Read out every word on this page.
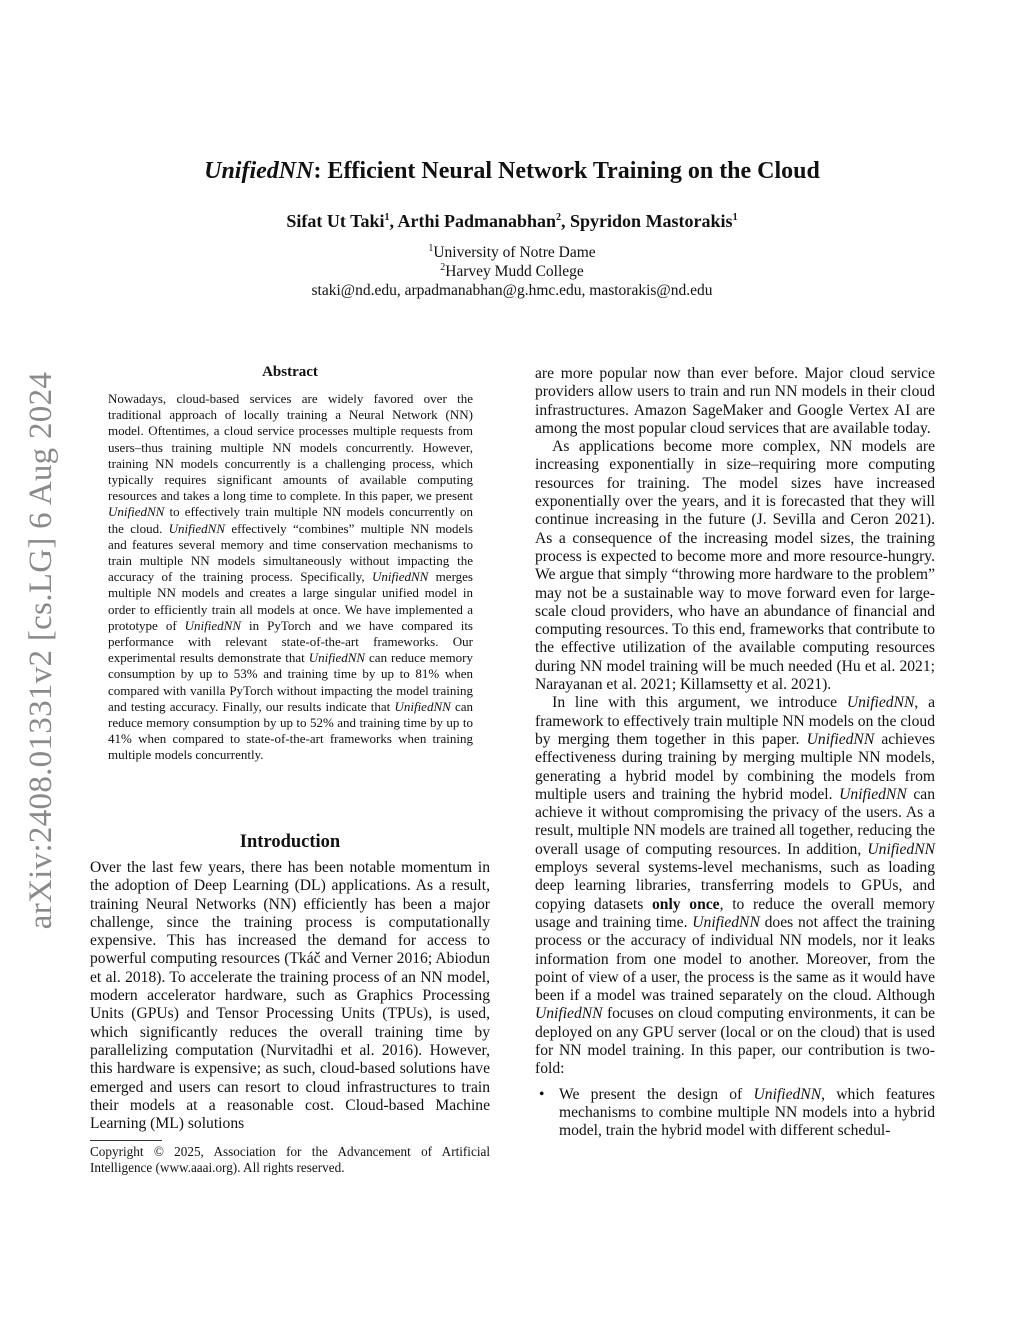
arXiv:2408.01331v2 [cs.LG] 6 Aug 2024
UnifiedNN: Efficient Neural Network Training on the Cloud
Sifat Ut Taki$^1$, Arthi Padmanabhan$^2$, Spyridon Mastorakis$^1$
$^1$University of Notre Dame
$^2$Harvey Mudd College
staki@nd.edu, arpadmanabhan@g.hmc.edu, mastorakis@nd.edu
Abstract
Nowadays, cloud-based services are widely favored over the traditional approach of locally training a Neural Network (NN) model. Oftentimes, a cloud service processes multiple requests from users–thus training multiple NN models concurrently. However, training NN models concurrently is a challenging process, which typically requires significant amounts of available computing resources and takes a long time to complete. In this paper, we present UnifiedNN to effectively train multiple NN models concurrently on the cloud. UnifiedNN effectively “combines” multiple NN models and features several memory and time conservation mechanisms to train multiple NN models simultaneously without impacting the accuracy of the training process. Specifically, UnifiedNN merges multiple NN models and creates a large singular unified model in order to efficiently train all models at once. We have implemented a prototype of UnifiedNN in PyTorch and we have compared its performance with relevant state-of-the-art frameworks. Our experimental results demonstrate that UnifiedNN can reduce memory consumption by up to 53% and training time by up to 81% when compared with vanilla PyTorch without impacting the model training and testing accuracy. Finally, our results indicate that UnifiedNN can reduce memory consumption by up to 52% and training time by up to 41% when compared to state-of-the-art frameworks when training multiple models concurrently.
Introduction

Over the last few years, there has been notable momentum in the adoption of Deep Learning (DL) applications. As a result, training Neural Networks (NN) efficiently has been a major challenge, since the training process is computationally expensive. This has increased the demand for access to powerful computing resources (Tkáč and Verner 2016; Abiodun et al. 2018). To accelerate the training process of an NN model, modern accelerator hardware, such as Graphics Processing Units (GPUs) and Tensor Processing Units (TPUs), is used, which significantly reduces the overall training time by parallelizing computation (Nurvitadhi et al. 2016). However, this hardware is expensive; as such, cloud-based solutions have emerged and users can resort to cloud infrastructures to train their models at a reasonable cost. Cloud-based Machine Learning (ML) solutions

Copyright © 2025, Association for the Advancement of Artificial Intelligence (www.aaai.org). All rights reserved.

are more popular now than ever before. Major cloud service providers allow users to train and run NN models in their cloud infrastructures. Amazon SageMaker and Google Vertex AI are among the most popular cloud services that are available today.

As applications become more complex, NN models are increasing exponentially in size–requiring more computing resources for training. The model sizes have increased exponentially over the years, and it is forecasted that they will continue increasing in the future (J. Sevilla and Ceron 2021). As a consequence of the increasing model sizes, the training process is expected to become more and more resource-hungry. We argue that simply “throwing more hardware to the problem” may not be a sustainable way to move forward even for large-scale cloud providers, who have an abundance of financial and computing resources. To this end, frameworks that contribute to the effective utilization of the available computing resources during NN model training will be much needed (Hu et al. 2021; Narayanan et al. 2021; Killamsetty et al. 2021).

In line with this argument, we introduce UnifiedNN, a framework to effectively train multiple NN models on the cloud by merging them together in this paper. UnifiedNN achieves effectiveness during training by merging multiple NN models, generating a hybrid model by combining the models from multiple users and training the hybrid model. UnifiedNN can achieve it without compromising the privacy of the users. As a result, multiple NN models are trained all together, reducing the overall usage of computing resources. In addition, UnifiedNN employs several systems-level mechanisms, such as loading deep learning libraries, transferring models to GPUs, and copying datasets only once, to reduce the overall memory usage and training time. UnifiedNN does not affect the training process or the accuracy of individual NN models, nor it leaks information from one model to another. Moreover, from the point of view of a user, the process is the same as it would have been if a model was trained separately on the cloud. Although UnifiedNN focuses on cloud computing environments, it can be deployed on any GPU server (local or on the cloud) that is used for NN model training. In this paper, our contribution is two-fold:

• We present the design of UnifiedNN, which features mechanisms to combine multiple NN models into a hybrid model, train the hybrid model with different schedul-
